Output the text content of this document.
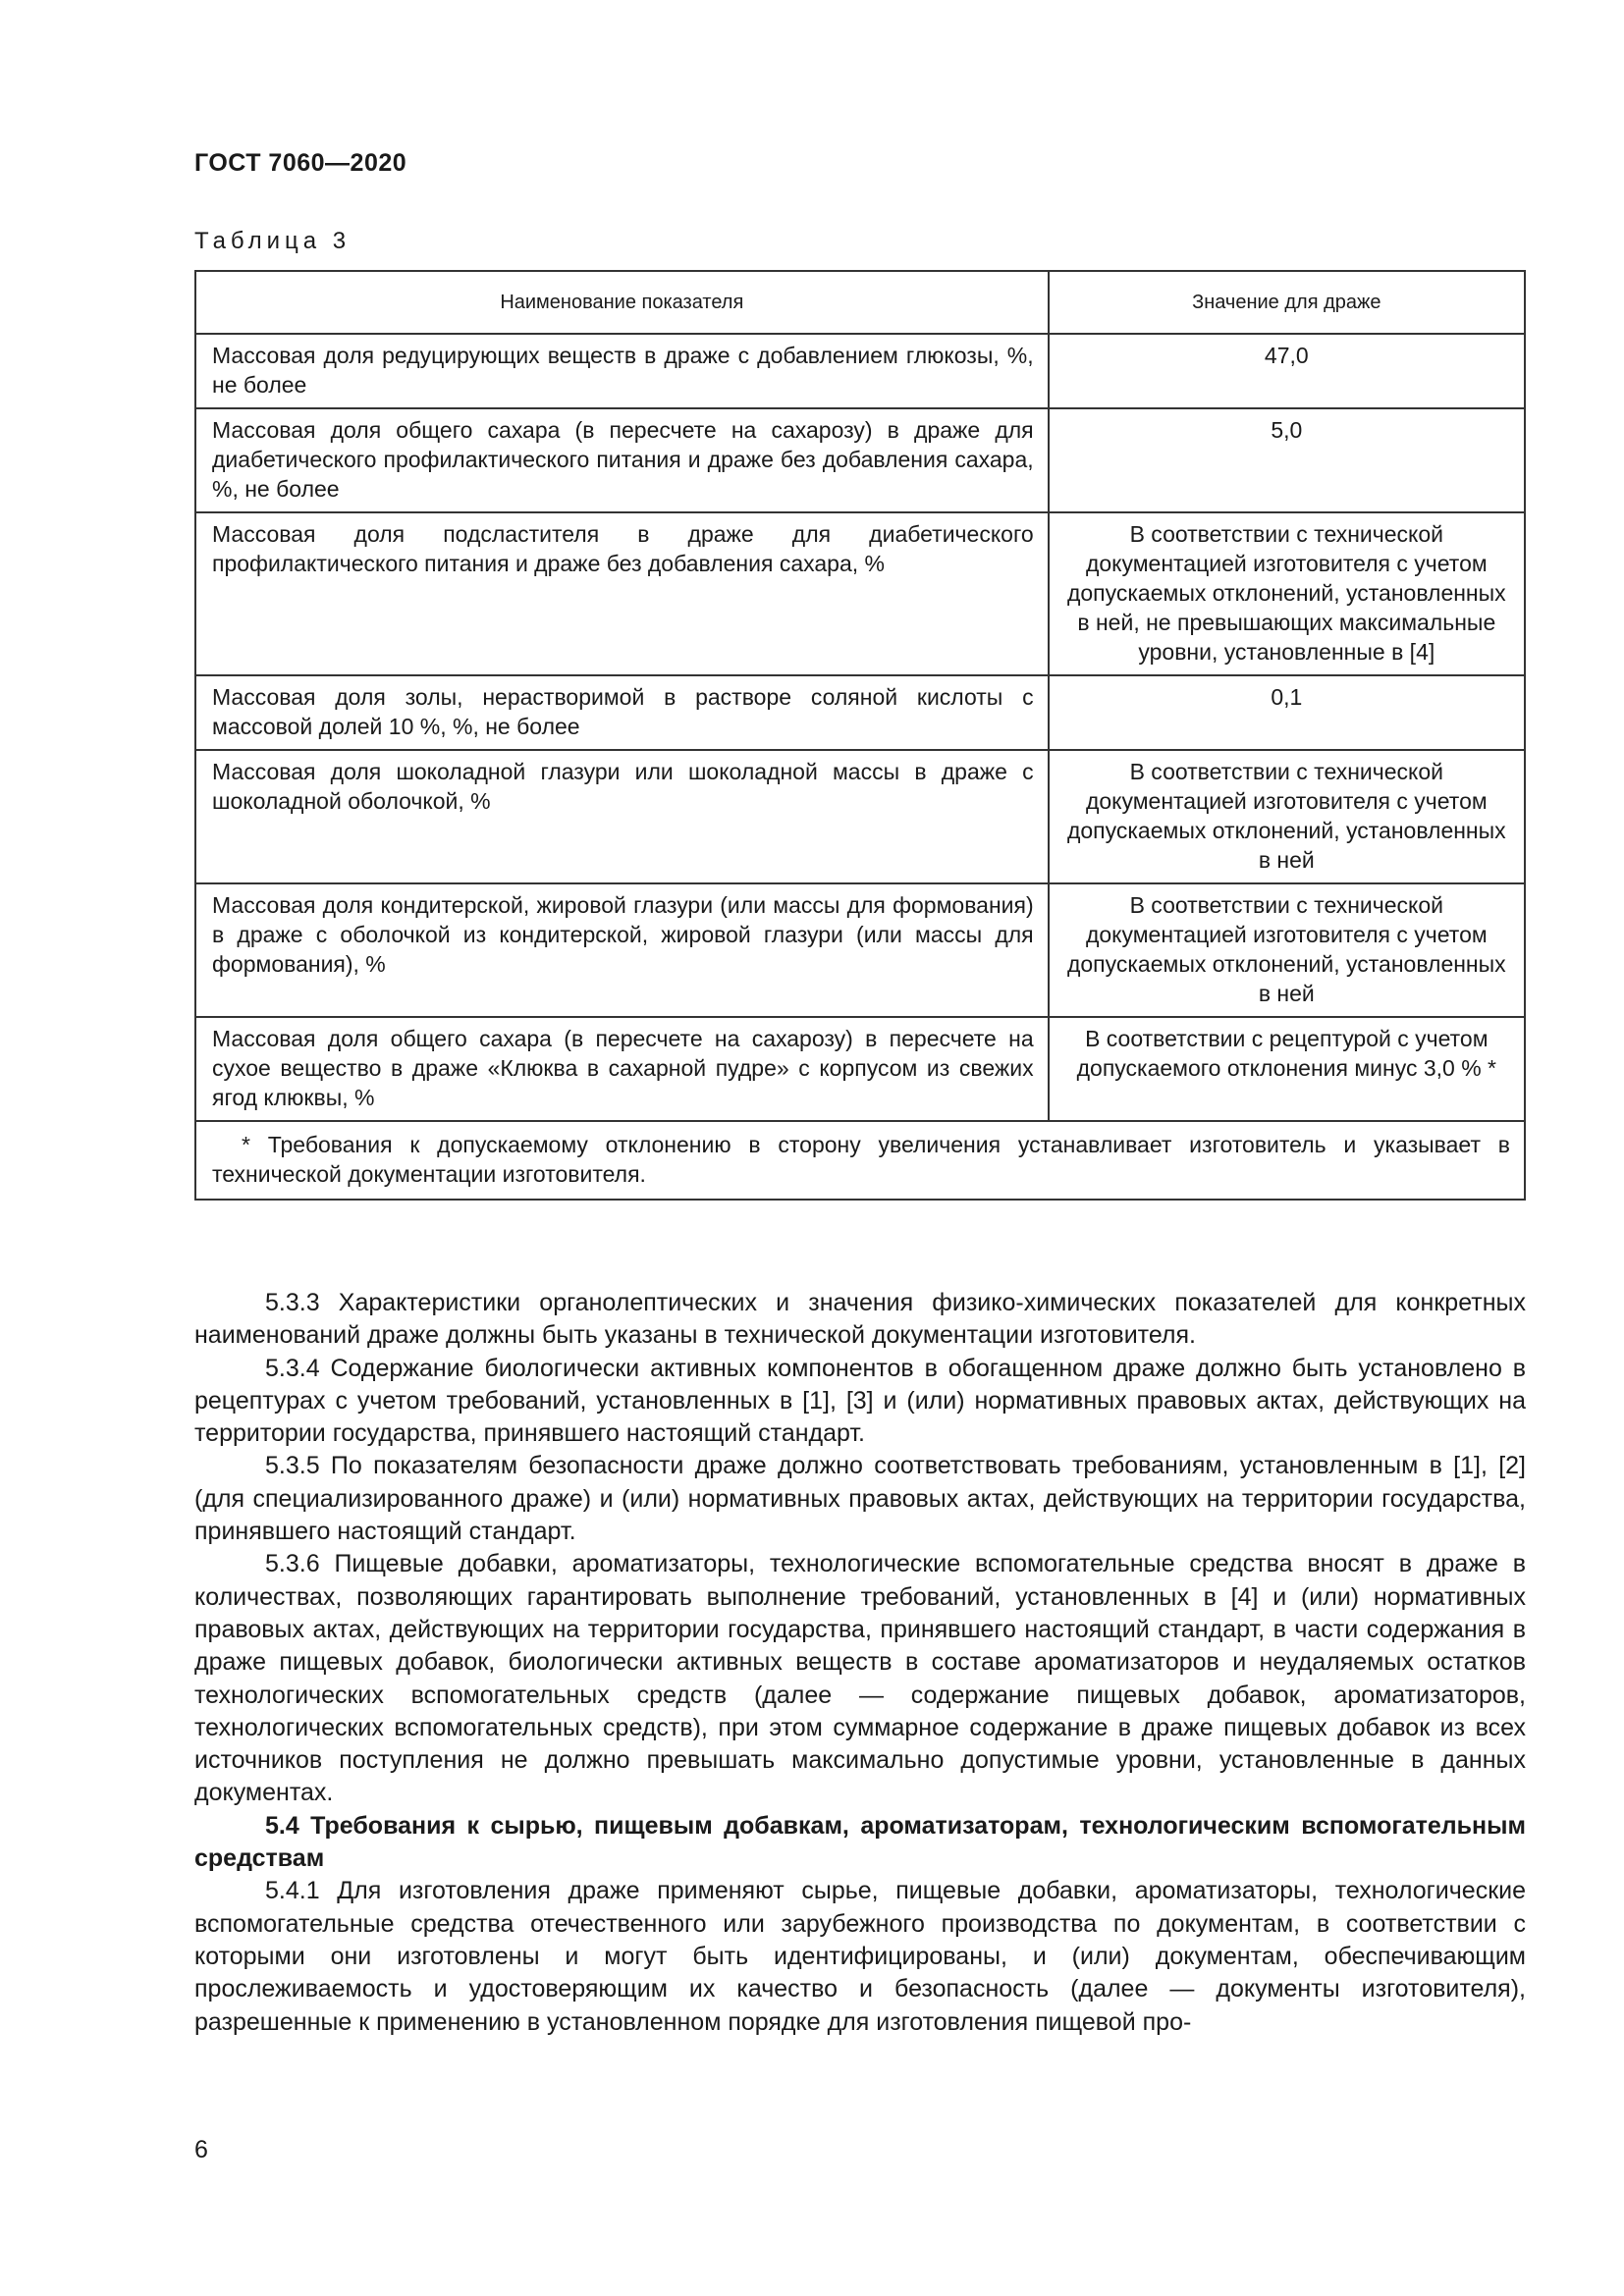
ГОСТ 7060—2020
Таблица 3
Наименование показателя	Значение для драже
Массовая доля редуцирующих веществ в драже с добавлением глюкозы, %, не более	47,0
Массовая доля общего сахара (в пересчете на сахарозу) в драже для диабетического профилактического питания и драже без добавления сахара, %, не более	5,0
Массовая доля подсластителя в драже для диабетического профилактического питания и драже без добавления сахара, %	В соответствии с технической документацией изготовителя с учетом допускаемых отклонений, установленных в ней, не превышающих максимальные уровни, установленные в [4]
Массовая доля золы, нерастворимой в растворе соляной кислоты с массовой долей 10 %, %, не более	0,1
Массовая доля шоколадной глазури или шоколадной массы в драже с шоколадной оболочкой, %	В соответствии с технической документацией изготовителя с учетом допускаемых отклонений, установленных в ней
Массовая доля кондитерской, жировой глазури (или массы для формования) в драже с оболочкой из кондитерской, жировой глазури (или массы для формования), %	В соответствии с технической документацией изготовителя с учетом допускаемых отклонений, установленных в ней
Массовая доля общего сахара (в пересчете на сахарозу) в пересчете на сухое вещество в драже «Клюква в сахарной пудре» с корпусом из свежих ягод клюквы, %	В соответствии с рецептурой с учетом допускаемого отклонения минус 3,0 % *
* Требования к допускаемому отклонению в сторону увеличения устанавливает изготовитель и указывает в технической документации изготовителя.	

5.3.3 Характеристики органолептических и значения физико-химических показателей для конкретных наименований драже должны быть указаны в технической документации изготовителя.

5.3.4 Содержание биологически активных компонентов в обогащенном драже должно быть установлено в рецептурах с учетом требований, установленных в [1], [3] и (или) нормативных правовых актах, действующих на территории государства, принявшего настоящий стандарт.

5.3.5 По показателям безопасности драже должно соответствовать требованиям, установленным в [1], [2] (для специализированного драже) и (или) нормативных правовых актах, действующих на территории государства, принявшего настоящий стандарт.

5.3.6 Пищевые добавки, ароматизаторы, технологические вспомогательные средства вносят в драже в количествах, позволяющих гарантировать выполнение требований, установленных в [4] и (или) нормативных правовых актах, действующих на территории государства, принявшего настоящий стандарт, в части содержания в драже пищевых добавок, биологически активных веществ в составе ароматизаторов и неудаляемых остатков технологических вспомогательных средств (далее — содержание пищевых добавок, ароматизаторов, технологических вспомогательных средств), при этом суммарное содержание в драже пищевых добавок из всех источников поступления не должно превышать максимально допустимые уровни, установленные в данных документах.

5.4 Требования к сырью, пищевым добавкам, ароматизаторам, технологическим вспомогательным средствам

5.4.1 Для изготовления драже применяют сырье, пищевые добавки, ароматизаторы, технологические вспомогательные средства отечественного или зарубежного производства по документам, в соответствии с которыми они изготовлены и могут быть идентифицированы, и (или) документам, обеспечивающим прослеживаемость и удостоверяющим их качество и безопасность (далее — документы изготовителя), разрешенные к применению в установленном порядке для изготовления пищевой про-

6
